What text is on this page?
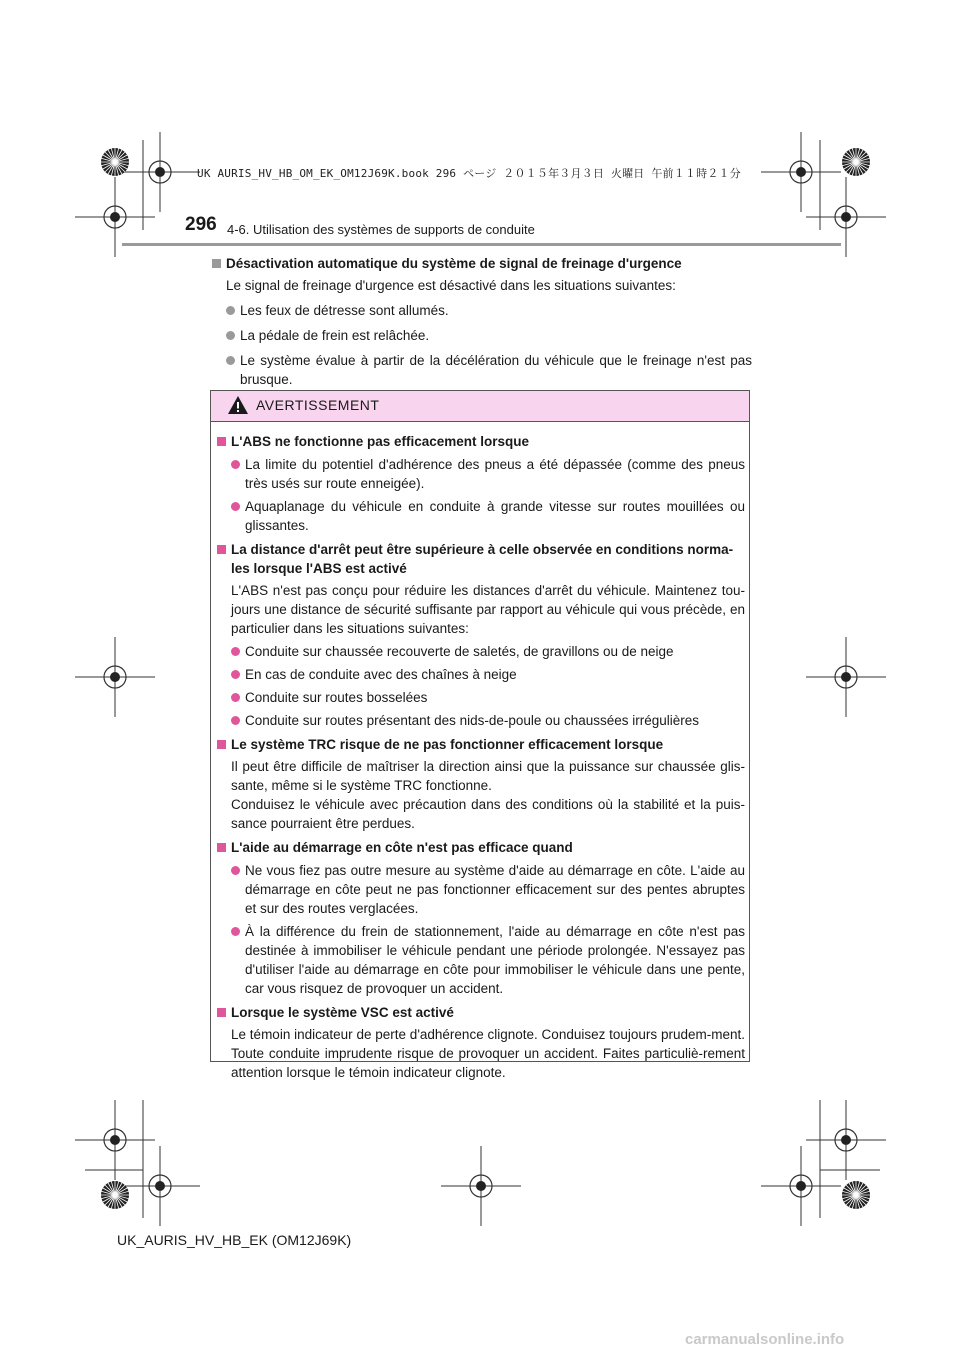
UK AURIS_HV_HB_OM_EK_OM12J69K.book 296 ページ ２０１５年３月３日 火曜日 午前１１時２１分
296 4-6. Utilisation des systèmes de supports de conduite

Désactivation automatique du système de signal de freinage d'urgence

Le signal de freinage d'urgence est désactivé dans les situations suivantes:

Les feux de détresse sont allumés.
La pédale de frein est relâchée.
Le système évalue à partir de la décélération du véhicule que le freinage n'est pas brusque.
AVERTISSEMENT

L'ABS ne fonctionne pas efficacement lorsque

La limite du potentiel d'adhérence des pneus a été dépassée (comme des pneus très usés sur route enneigée).
Aquaplanage du véhicule en conduite à grande vitesse sur routes mouillées ou glissantes.

La distance d'arrêt peut être supérieure à celle observée en conditions norma-les lorsque l'ABS est activé

L'ABS n'est pas conçu pour réduire les distances d'arrêt du véhicule. Maintenez tou-jours une distance de sécurité suffisante par rapport au véhicule qui vous précède, en particulier dans les situations suivantes:

Conduite sur chaussée recouverte de saletés, de gravillons ou de neige
En cas de conduite avec des chaînes à neige
Conduite sur routes bosselées
Conduite sur routes présentant des nids-de-poule ou chaussées irrégulières

Le système TRC risque de ne pas fonctionner efficacement lorsque

Il peut être difficile de maîtriser la direction ainsi que la puissance sur chaussée glis-sante, même si le système TRC fonctionne.

Conduisez le véhicule avec précaution dans des conditions où la stabilité et la puis-sance pourraient être perdues.

L'aide au démarrage en côte n'est pas efficace quand

Ne vous fiez pas outre mesure au système d'aide au démarrage en côte. L'aide au démarrage en côte peut ne pas fonctionner efficacement sur des pentes abruptes et sur des routes verglacées.
À la différence du frein de stationnement, l'aide au démarrage en côte n'est pas destinée à immobiliser le véhicule pendant une période prolongée. N'essayez pas d'utiliser l'aide au démarrage en côte pour immobiliser le véhicule dans une pente, car vous risquez de provoquer un accident.

Lorsque le système VSC est activé

Le témoin indicateur de perte d'adhérence clignote. Conduisez toujours prudem-ment. Toute conduite imprudente risque de provoquer un accident. Faites particuliè-rement attention lorsque le témoin indicateur clignote.

UK_AURIS_HV_HB_EK (OM12J69K)
carmanualsonline.info
